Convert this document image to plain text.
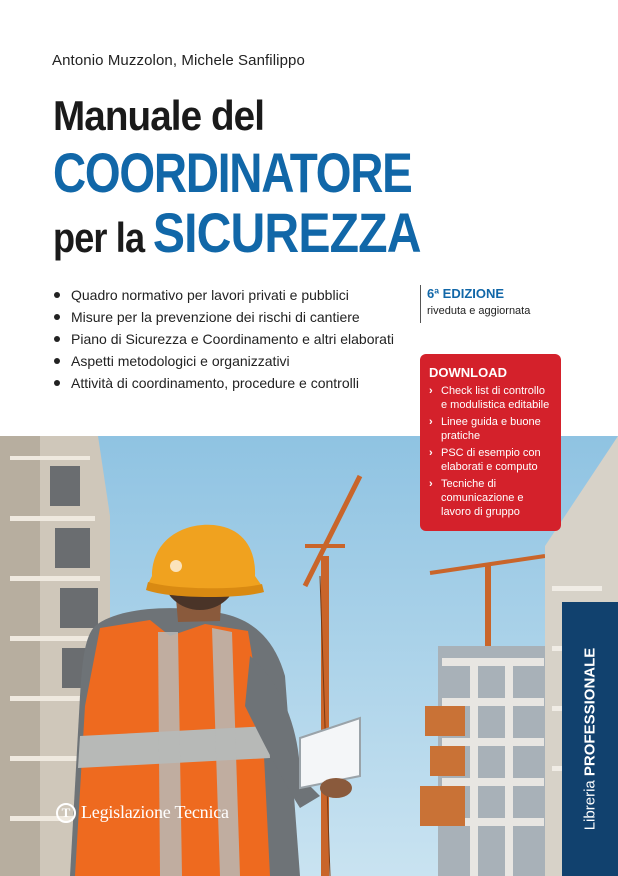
Antonio Muzzolon, Michele Sanfilippo
Manuale del
COORDINATORE
per la SICUREZZA
Quadro normativo per lavori privati e pubblici
Misure per la prevenzione dei rischi di cantiere
Piano di Sicurezza e Coordinamento e altri elaborati
Aspetti metodologici e organizzativi
Attività di coordinamento, procedure e controlli
6ª EDIZIONE
riveduta e aggiornata
DOWNLOAD
› Check list di controllo e modulistica editabile
› Linee guida e buone pratiche
› PSC di esempio con elaborati e computo
› Tecniche di comunicazione e lavoro di gruppo
Libreria PROFESSIONALE
T Legislazione Tecnica
